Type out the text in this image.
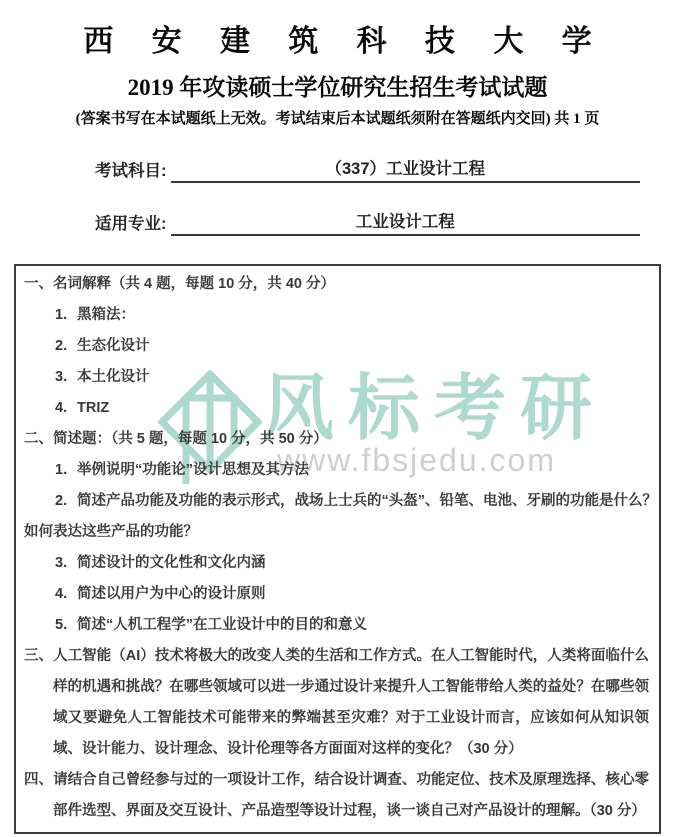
风标考研
www.fbsjedu.com
西 安 建 筑 科 技 大 学
2019 年攻读硕士学位研究生招生考试试题
(答案书写在本试题纸上无效。考试结束后本试题纸须附在答题纸内交回) 共 1 页
考试科目:	（337）工业设计工程
适用专业:	工业设计工程
一、名词解释（共 4 题，每题 10 分，共 40 分）
1. 黑箱法：
2. 生态化设计
3. 本土化设计
4. TRIZ
二、简述题：（共 5 题，每题 10 分，共 50 分）
1. 举例说明“功能论”设计思想及其方法
2. 简述产品功能及功能的表示形式，战场上士兵的“头盔”、铅笔、电池、牙刷的功能是什么？
如何表达这些产品的功能？
3. 简述设计的文化性和文化内涵
4. 简述以用户为中心的设计原则
5. 简述“人机工程学”在工业设计中的目的和意义
三、人工智能（AI）技术将极大的改变人类的生活和工作方式。在人工智能时代，人类将面临什么样的机遇和挑战？在哪些领域可以进一步通过设计来提升人工智能带给人类的益处？在哪些领域又要避免人工智能技术可能带来的弊端甚至灾难？对于工业设计而言，应该如何从知识领域、设计能力、设计理念、设计伦理等各方面面对这样的变化？（30 分）
四、请结合自己曾经参与过的一项设计工作，结合设计调查、功能定位、技术及原理选择、核心零部件选型、界面及交互设计、产品造型等设计过程，谈一谈自己对产品设计的理解。（30 分）
